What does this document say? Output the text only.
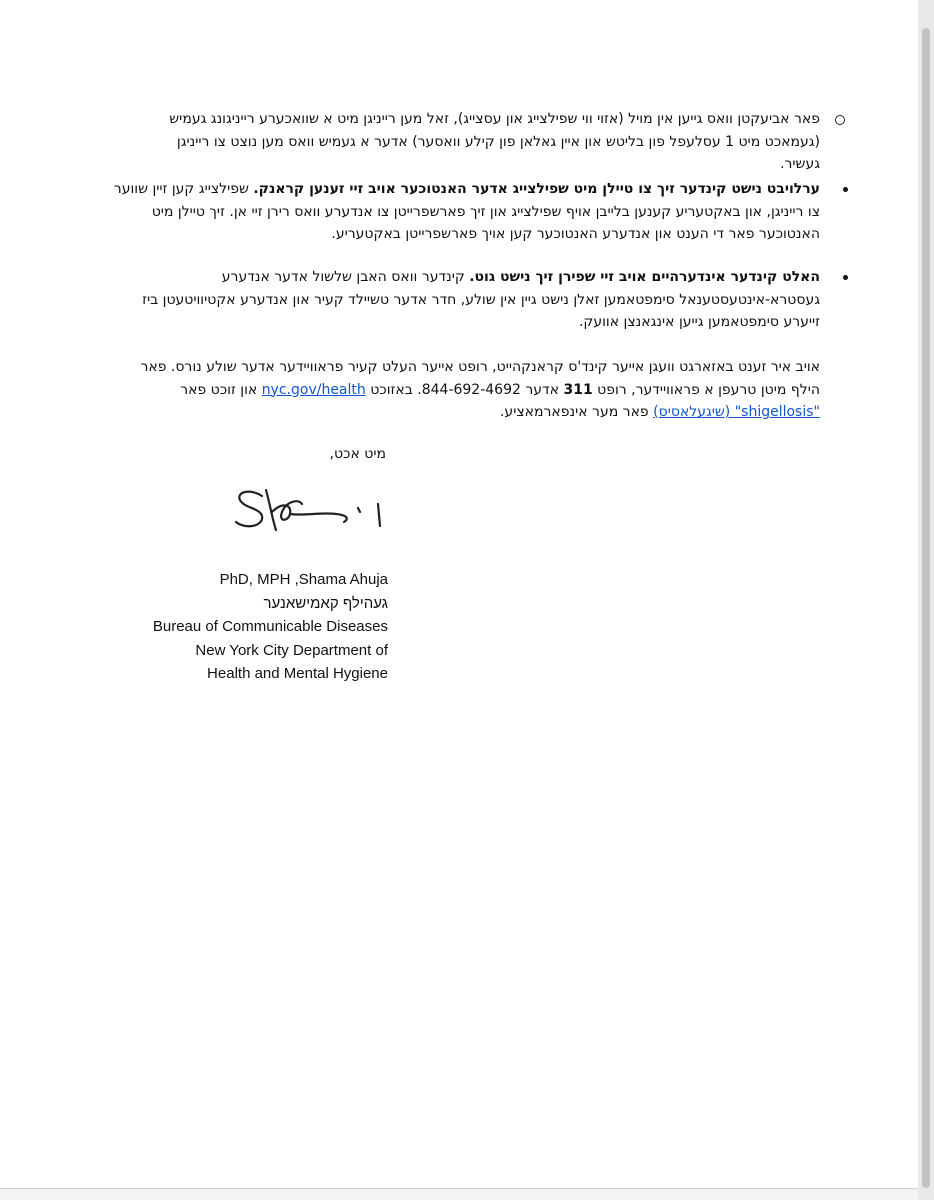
פאר אביעקטן וואס גייען אין מויל (אזוי ווי שפילצייג און עסצייג), זאל מען רייניגן מיט א שוואכערע רייניגונג געמיש (געמאכט מיט 1 עסלעפל פון בליטש און איין גאלאן פון קילע וואסער) אדער א געמיש וואס מען נוצט צו רייניגן געשיר.
ערלויבט נישט קינדער זיך צו טיילן מיט שפילצייג אדער האנטוכער אויב זיי זענען קראנק. שפילצייג קען זיין שווער צו רייניגן, און באקטעריע קענען בלייבן אויף שפילצייג און זיך פארשפרייטן צו אנדערע וואס רירן זיי אן. זיך טיילן מיט האנטוכער פאר די הענט און אנדערע האנטוכער קען אויך פארשפרייטן באקטעריע.
האלט קינדער אינדערהיים אויב זיי שפירן זיך נישט גוט. קינדער וואס האבן שלשול אדער אנדערע געסטרא-אינטעסטענאל סימפטאמען זאלן נישט גיין אין שולע, חדר אדער טשיילד קעיר און אנדערע אקטיוויטעטן ביז זייערע סימפטאמען גייען אינגאנצן אוועק.
אויב איר זענט באזארגט וועגן אייער קינד'ס קראנקהייט, רופט אייער העלט קעיר פראוויידער אדער שולע נורס. פאר הילף מיטן טרעפן א פראוויידער, רופט 311 אדער 844-692-4692. באזוכט nyc.gov/health און זוכט פאר "shigellosis" (שיגעלאסיס) פאר מער אינפארמאציע.
מיט אכט,
PhD, MPH ,Shama Ahuja
געהילף קאמישאנער
Bureau of Communicable Diseases
New York City Department of
Health and Mental Hygiene
